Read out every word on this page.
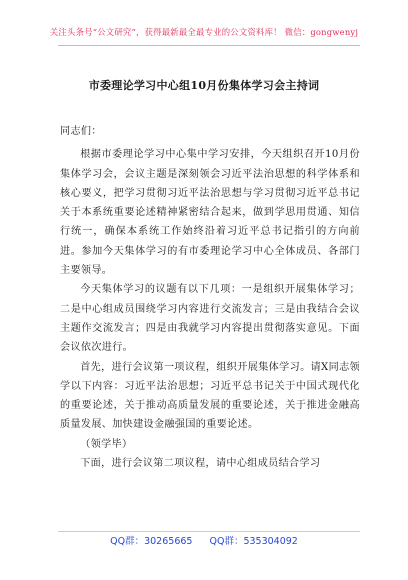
关注头条号“公文研究”，获得最新最全最专业的公文资料库！ 微信：gongwenyj
市委理论学习中心组10月份集体学习会主持词

同志们：

根据市委理论学习中心集中学习安排，今天组织召开10月份集体学习会，会议主题是深刻领会习近平法治思想的科学体系和核心要义，把学习贯彻习近平法治思想与学习贯彻习近平总书记关于本系统重要论述精神紧密结合起来，做到学思用贯通、知信行统一，确保本系统工作始终沿着习近平总书记指引的方向前进。参加今天集体学习的有市委理论学习中心全体成员、各部门主要领导。

今天集体学习的议题有以下几项：一是组织开展集体学习；二是中心组成员围绕学习内容进行交流发言；三是由我结合会议主题作交流发言；四是由我就学习内容提出贯彻落实意见。下面会议依次进行。

首先，进行会议第一项议程，组织开展集体学习。请X同志领学以下内容：习近平法治思想；习近平总书记关于中国式现代化的重要论述，关于推动高质量发展的重要论述，关于推进金融高质量发展、加快建设金融强国的重要论述。

（领学毕）

下面，进行会议第二项议程，请中心组成员结合学习

QQ群：30265665 QQ群：535304092
